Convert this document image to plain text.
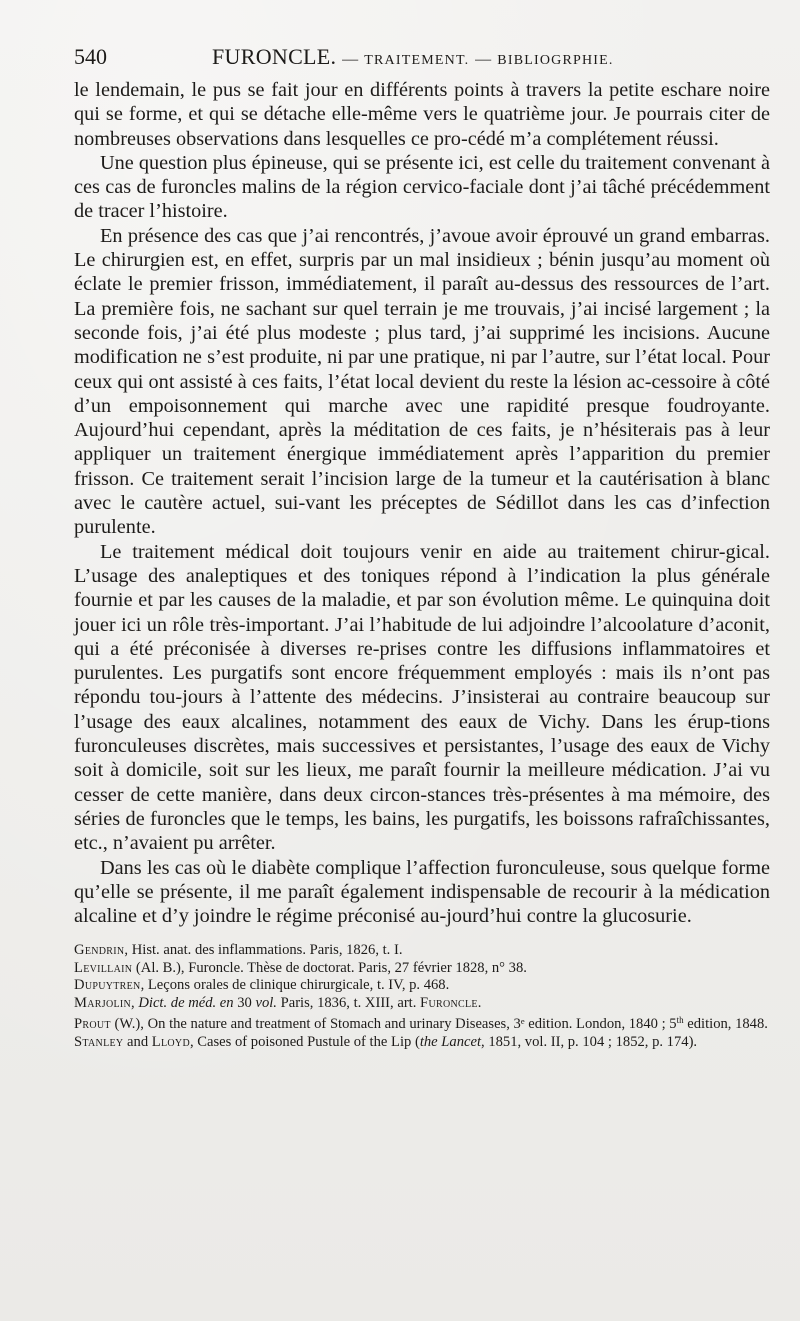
540	FURONCLE. — TRAITEMENT. — BIBLIOGRPHIE.

le lendemain, le pus se fait jour en différents points à travers la petite eschare noire qui se forme, et qui se détache elle-même vers le quatrième jour. Je pourrais citer de nombreuses observations dans lesquelles ce pro-cédé m’a complétement réussi.

Une question plus épineuse, qui se présente ici, est celle du traitement convenant à ces cas de furoncles malins de la région cervico-faciale dont j’ai tâché précédemment de tracer l’histoire.

En présence des cas que j’ai rencontrés, j’avoue avoir éprouvé un grand embarras. Le chirurgien est, en effet, surpris par un mal insidieux ; bénin jusqu’au moment où éclate le premier frisson, immédiatement, il paraît au-dessus des ressources de l’art. La première fois, ne sachant sur quel terrain je me trouvais, j’ai incisé largement ; la seconde fois, j’ai été plus modeste ; plus tard, j’ai supprimé les incisions. Aucune modification ne s’est produite, ni par une pratique, ni par l’autre, sur l’état local. Pour ceux qui ont assisté à ces faits, l’état local devient du reste la lésion ac-cessoire à côté d’un empoisonnement qui marche avec une rapidité presque foudroyante. Aujourd’hui cependant, après la méditation de ces faits, je n’hésiterais pas à leur appliquer un traitement énergique immédiatement après l’apparition du premier frisson. Ce traitement serait l’incision large de la tumeur et la cautérisation à blanc avec le cautère actuel, sui-vant les préceptes de Sédillot dans les cas d’infection purulente.

Le traitement médical doit toujours venir en aide au traitement chirur-gical. L’usage des analeptiques et des toniques répond à l’indication la plus générale fournie et par les causes de la maladie, et par son évolution même. Le quinquina doit jouer ici un rôle très-important. J’ai l’habitude de lui adjoindre l’alcoolature d’aconit, qui a été préconisée à diverses re-prises contre les diffusions inflammatoires et purulentes. Les purgatifs sont encore fréquemment employés : mais ils n’ont pas répondu tou-jours à l’attente des médecins. J’insisterai au contraire beaucoup sur l’usage des eaux alcalines, notamment des eaux de Vichy. Dans les érup-tions furonculeuses discrètes, mais successives et persistantes, l’usage des eaux de Vichy soit à domicile, soit sur les lieux, me paraît fournir la meilleure médication. J’ai vu cesser de cette manière, dans deux circon-stances très-présentes à ma mémoire, des séries de furoncles que le temps, les bains, les purgatifs, les boissons rafraîchissantes, etc., n’avaient pu arrêter.

Dans les cas où le diabète complique l’affection furonculeuse, sous quelque forme qu’elle se présente, il me paraît également indispensable de recourir à la médication alcaline et d’y joindre le régime préconisé au-jourd’hui contre la glucosurie.

Gendrin, Hist. anat. des inflammations. Paris, 1826, t. I.
Levillain (Al. B.), Furoncle. Thèse de doctorat. Paris, 27 février 1828, n° 38.
Dupuytren, Leçons orales de clinique chirurgicale, t. IV, p. 468.
Marjolin, Dict. de méd. en 30 vol. Paris, 1836, t. XIII, art. Furoncle.
Prout (W.), On the nature and treatment of Stomach and urinary Diseases, 3ᵉ edition. London, 1840 ; 5th edition, 1848.
Stanley and Lloyd, Cases of poisoned Pustule of the Lip (the Lancet, 1851, vol. II, p. 104 ; 1852, p. 174).
